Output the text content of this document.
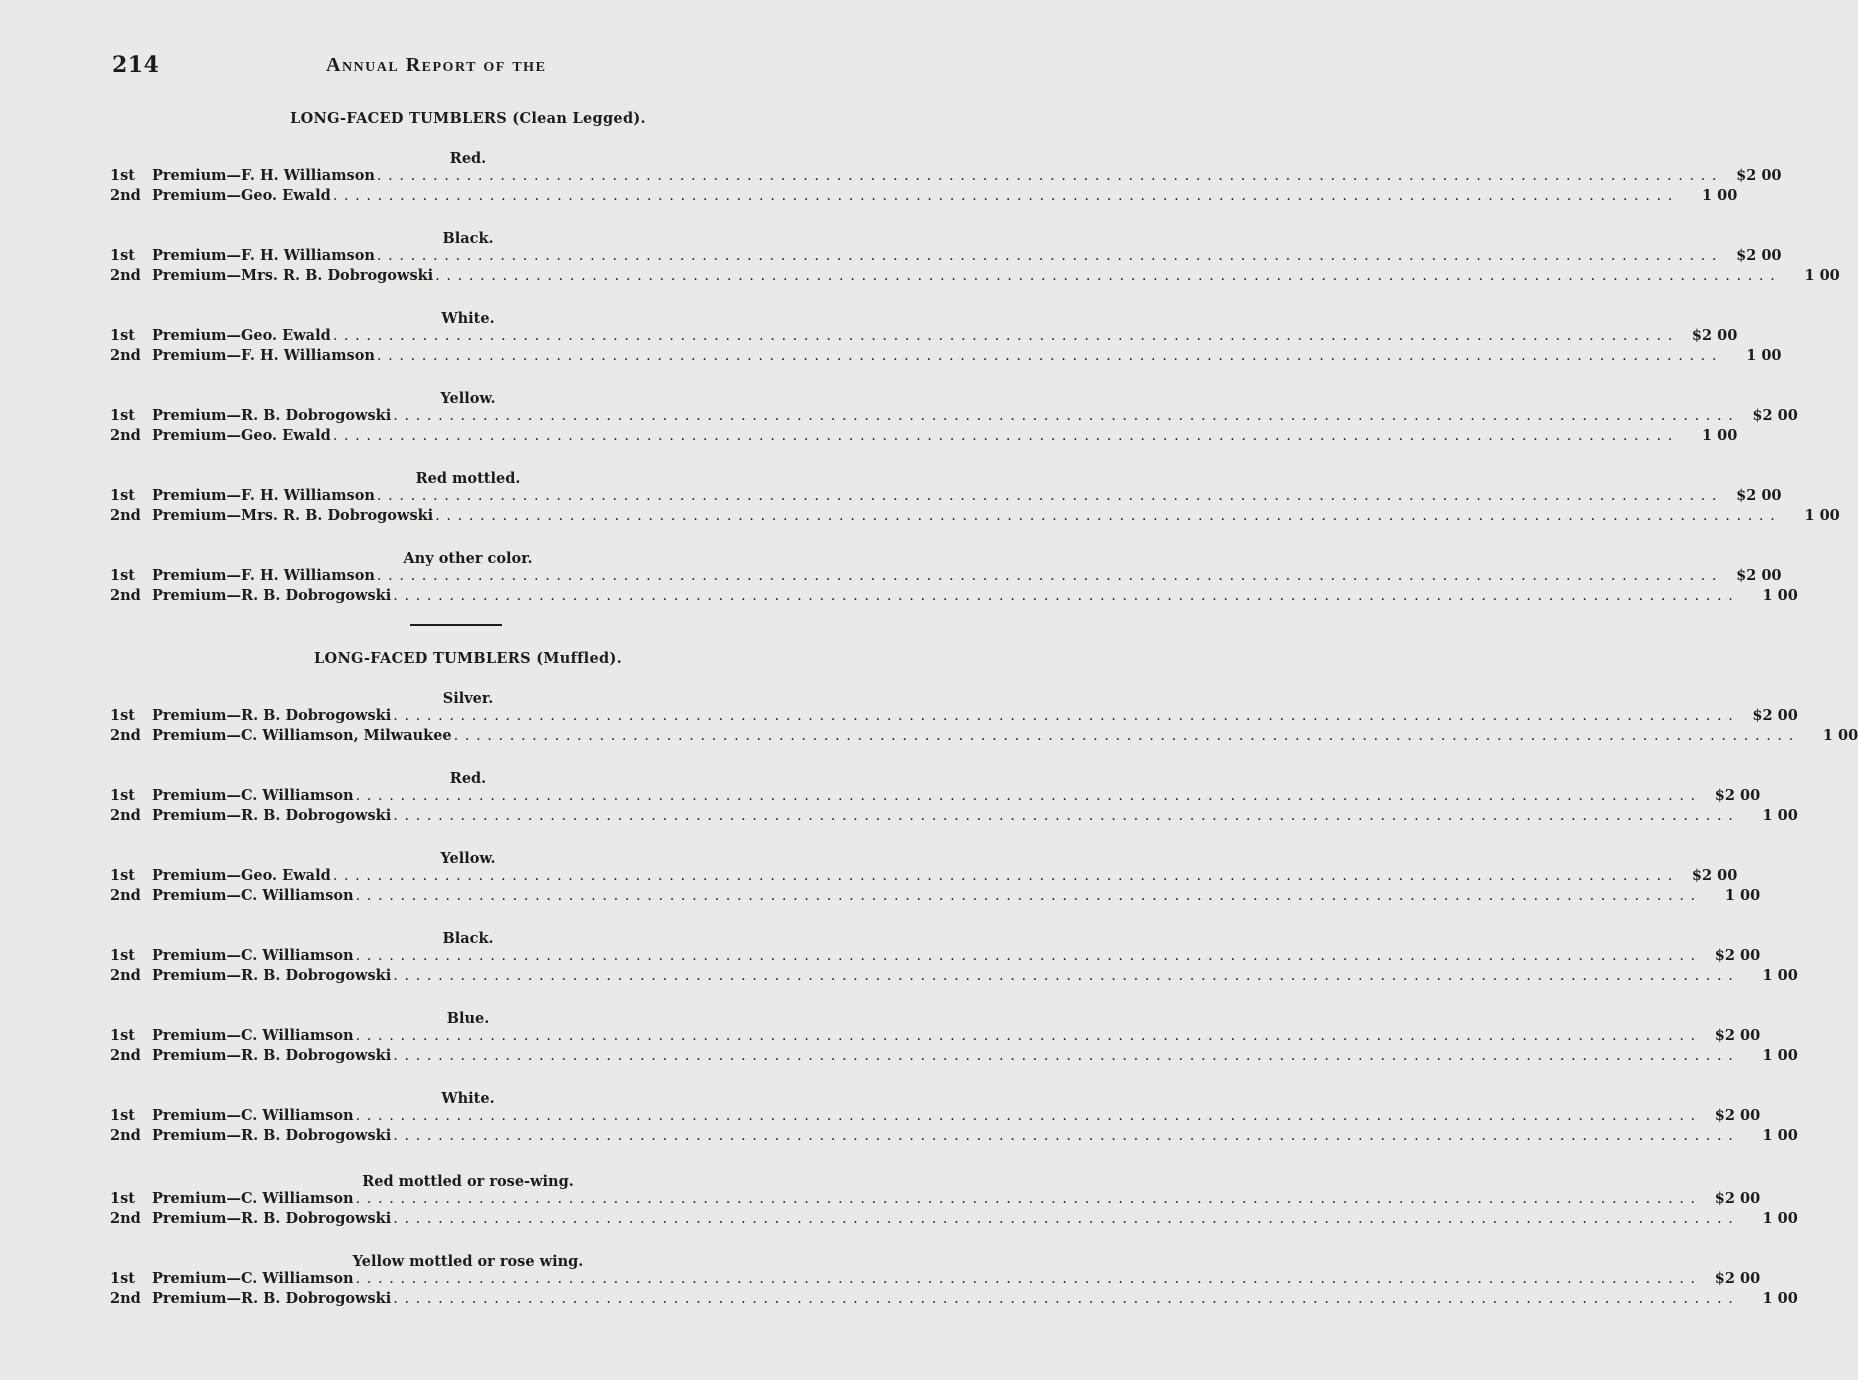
214	Annual Report of the
LONG-FACED TUMBLERS (Clean Legged).
Red.
1st	Premium — F. H. Williamson . . . . . . . . . . . . . . . . . . . . . . . . . . . . . . . . . . . . . . . . . . . . . . . . . . . . . . . . . . . . . . . . . . . . . . . . . . . . . . . . . . . . . . . . . . . . . . . . . . . . . . . . . . . . . . . . . . . . . . . .	$2 00
2nd Premium — Geo. Ewald . . . . . . . . . . . . . . . . . . . . . . . . . . . . . . . . . . . . . . . . . . . . . . . . . . . . . . . . . . . . . . . . . . . . . . . . . . . . . . . . . . . . . . . . . . . . . . . . . . . . . . . . . . . . . . . . . . . . . . . .	1 00
Black.
1st	Premium — F. H. Williamson . . . . . . . . . . . . . . . . . . . . . . . . . . . . . . . . . . . . . . . . . . . . . . . . . . . . . . . . . . . . . . . . . . . . . . . . . . . . . . . . . . . . . . . . . . . . . . . . . . . . . . . . . . . . . . . . . . . . . . . .	$2 00
2nd Premium — Mrs. R. B. Dobrogowski . . . . . . . . . . . . . . . . . . . . . . . . . . . . . . . . . . . . . . . . . . . . . . . . . . . . . . . . . . . . . . . . . . . . . . . . . . . . . . . . . . . . . . . . . . . . . . . . . . . . . . . . . . . . . . . . . . . . . . . .	1 00
White.
1st	Premium — Geo. Ewald . . . . . . . . . . . . . . . . . . . . . . . . . . . . . . . . . . . . . . . . . . . . . . . . . . . . . . . . . . . . . . . . . . . . . . . . . . . . . . . . . . . . . . . . . . . . . . . . . . . . . . . . . . . . . . . . . . . . . . . .	$2 00
2nd Premium — F. H. Williamson . . . . . . . . . . . . . . . . . . . . . . . . . . . . . . . . . . . . . . . . . . . . . . . . . . . . . . . . . . . . . . . . . . . . . . . . . . . . . . . . . . . . . . . . . . . . . . . . . . . . . . . . . . . . . . . . . . . . . . . .	1 00
Yellow.
1st	Premium — R. B. Dobrogowski . . . . . . . . . . . . . . . . . . . . . . . . . . . . . . . . . . . . . . . . . . . . . . . . . . . . . . . . . . . . . . . . . . . . . . . . . . . . . . . . . . . . . . . . . . . . . . . . . . . . . . . . . . . . . . . . . . . . . . . .	$2 00
2nd Premium — Geo. Ewald . . . . . . . . . . . . . . . . . . . . . . . . . . . . . . . . . . . . . . . . . . . . . . . . . . . . . . . . . . . . . . . . . . . . . . . . . . . . . . . . . . . . . . . . . . . . . . . . . . . . . . . . . . . . . . . . . . . . . . . .	1 00
Red mottled.
1st	Premium — F. H. Williamson . . . . . . . . . . . . . . . . . . . . . . . . . . . . . . . . . . . . . . . . . . . . . . . . . . . . . . . . . . . . . . . . . . . . . . . . . . . . . . . . . . . . . . . . . . . . . . . . . . . . . . . . . . . . . . . . . . . . . . . .	$2 00
2nd Premium — Mrs. R. B. Dobrogowski . . . . . . . . . . . . . . . . . . . . . . . . . . . . . . . . . . . . . . . . . . . . . . . . . . . . . . . . . . . . . . . . . . . . . . . . . . . . . . . . . . . . . . . . . . . . . . . . . . . . . . . . . . . . . . . . . . . . . . . .	1 00
Any other color.
1st	Premium — F. H. Williamson . . . . . . . . . . . . . . . . . . . . . . . . . . . . . . . . . . . . . . . . . . . . . . . . . . . . . . . . . . . . . . . . . . . . . . . . . . . . . . . . . . . . . . . . . . . . . . . . . . . . . . . . . . . . . . . . . . . . . . . .	$2 00
2nd Premium — R. B. Dobrogowski . . . . . . . . . . . . . . . . . . . . . . . . . . . . . . . . . . . . . . . . . . . . . . . . . . . . . . . . . . . . . . . . . . . . . . . . . . . . . . . . . . . . . . . . . . . . . . . . . . . . . . . . . . . . . . . . . . . . . . . .	1 00
LONG-FACED TUMBLERS (Muffled).
Silver.
1st	Premium — R. B. Dobrogowski . . . . . . . . . . . . . . . . . . . . . . . . . . . . . . . . . . . . . . . . . . . . . . . . . . . . . . . . . . . . . . . . . . . . . . . . . . . . . . . . . . . . . . . . . . . . . . . . . . . . . . . . . . . . . . . . . . . . . . . .	$2 00
2nd Premium — C. Williamson, Milwaukee . . . . . . . . . . . . . . . . . . . . . . . . . . . . . . . . . . . . . . . . . . . . . . . . . . . . . . . . . . . . . . . . . . . . . . . . . . . . . . . . . . . . . . . . . . . . . . . . . . . . . . . . . . . . . . . . . . . . . . . .	1 00
Red.
1st	Premium — C. Williamson . . . . . . . . . . . . . . . . . . . . . . . . . . . . . . . . . . . . . . . . . . . . . . . . . . . . . . . . . . . . . . . . . . . . . . . . . . . . . . . . . . . . . . . . . . . . . . . . . . . . . . . . . . . . . . . . . . . . . . . .	$2 00
2nd Premium — R. B. Dobrogowski . . . . . . . . . . . . . . . . . . . . . . . . . . . . . . . . . . . . . . . . . . . . . . . . . . . . . . . . . . . . . . . . . . . . . . . . . . . . . . . . . . . . . . . . . . . . . . . . . . . . . . . . . . . . . . . . . . . . . . . .	1 00
Yellow.
1st	Premium — Geo. Ewald . . . . . . . . . . . . . . . . . . . . . . . . . . . . . . . . . . . . . . . . . . . . . . . . . . . . . . . . . . . . . . . . . . . . . . . . . . . . . . . . . . . . . . . . . . . . . . . . . . . . . . . . . . . . . . . . . . . . . . . .	$2 00
2nd Premium — C. Williamson . . . . . . . . . . . . . . . . . . . . . . . . . . . . . . . . . . . . . . . . . . . . . . . . . . . . . . . . . . . . . . . . . . . . . . . . . . . . . . . . . . . . . . . . . . . . . . . . . . . . . . . . . . . . . . . . . . . . . . . .	1 00
Black.
1st	Premium — C. Williamson . . . . . . . . . . . . . . . . . . . . . . . . . . . . . . . . . . . . . . . . . . . . . . . . . . . . . . . . . . . . . . . . . . . . . . . . . . . . . . . . . . . . . . . . . . . . . . . . . . . . . . . . . . . . . . . . . . . . . . . .	$2 00
2nd Premium — R. B. Dobrogowski . . . . . . . . . . . . . . . . . . . . . . . . . . . . . . . . . . . . . . . . . . . . . . . . . . . . . . . . . . . . . . . . . . . . . . . . . . . . . . . . . . . . . . . . . . . . . . . . . . . . . . . . . . . . . . . . . . . . . . . .	1 00
Blue.
1st	Premium — C. Williamson . . . . . . . . . . . . . . . . . . . . . . . . . . . . . . . . . . . . . . . . . . . . . . . . . . . . . . . . . . . . . . . . . . . . . . . . . . . . . . . . . . . . . . . . . . . . . . . . . . . . . . . . . . . . . . . . . . . . . . . .	$2 00
2nd Premium — R. B. Dobrogowski . . . . . . . . . . . . . . . . . . . . . . . . . . . . . . . . . . . . . . . . . . . . . . . . . . . . . . . . . . . . . . . . . . . . . . . . . . . . . . . . . . . . . . . . . . . . . . . . . . . . . . . . . . . . . . . . . . . . . . . .	1 00
White.
1st	Premium — C. Williamson . . . . . . . . . . . . . . . . . . . . . . . . . . . . . . . . . . . . . . . . . . . . . . . . . . . . . . . . . . . . . . . . . . . . . . . . . . . . . . . . . . . . . . . . . . . . . . . . . . . . . . . . . . . . . . . . . . . . . . . .	$2 00
2nd Premium — R. B. Dobrogowski . . . . . . . . . . . . . . . . . . . . . . . . . . . . . . . . . . . . . . . . . . . . . . . . . . . . . . . . . . . . . . . . . . . . . . . . . . . . . . . . . . . . . . . . . . . . . . . . . . . . . . . . . . . . . . . . . . . . . . . .	1 00
Red mottled or rose-wing.
1st	Premium — C. Williamson . . . . . . . . . . . . . . . . . . . . . . . . . . . . . . . . . . . . . . . . . . . . . . . . . . . . . . . . . . . . . . . . . . . . . . . . . . . . . . . . . . . . . . . . . . . . . . . . . . . . . . . . . . . . . . . . . . . . . . . .	$2 00
2nd Premium — R. B. Dobrogowski . . . . . . . . . . . . . . . . . . . . . . . . . . . . . . . . . . . . . . . . . . . . . . . . . . . . . . . . . . . . . . . . . . . . . . . . . . . . . . . . . . . . . . . . . . . . . . . . . . . . . . . . . . . . . . . . . . . . . . . .	1 00
Yellow mottled or rose wing.
1st	Premium — C. Williamson . . . . . . . . . . . . . . . . . . . . . . . . . . . . . . . . . . . . . . . . . . . . . . . . . . . . . . . . . . . . . . . . . . . . . . . . . . . . . . . . . . . . . . . . . . . . . . . . . . . . . . . . . . . . . . . . . . . . . . . .	$2 00
2nd Premium — R. B. Dobrogowski . . . . . . . . . . . . . . . . . . . . . . . . . . . . . . . . . . . . . . . . . . . . . . . . . . . . . . . . . . . . . . . . . . . . . . . . . . . . . . . . . . . . . . . . . . . . . . . . . . . . . . . . . . . . . . . . . . . . . . . .	1 00
